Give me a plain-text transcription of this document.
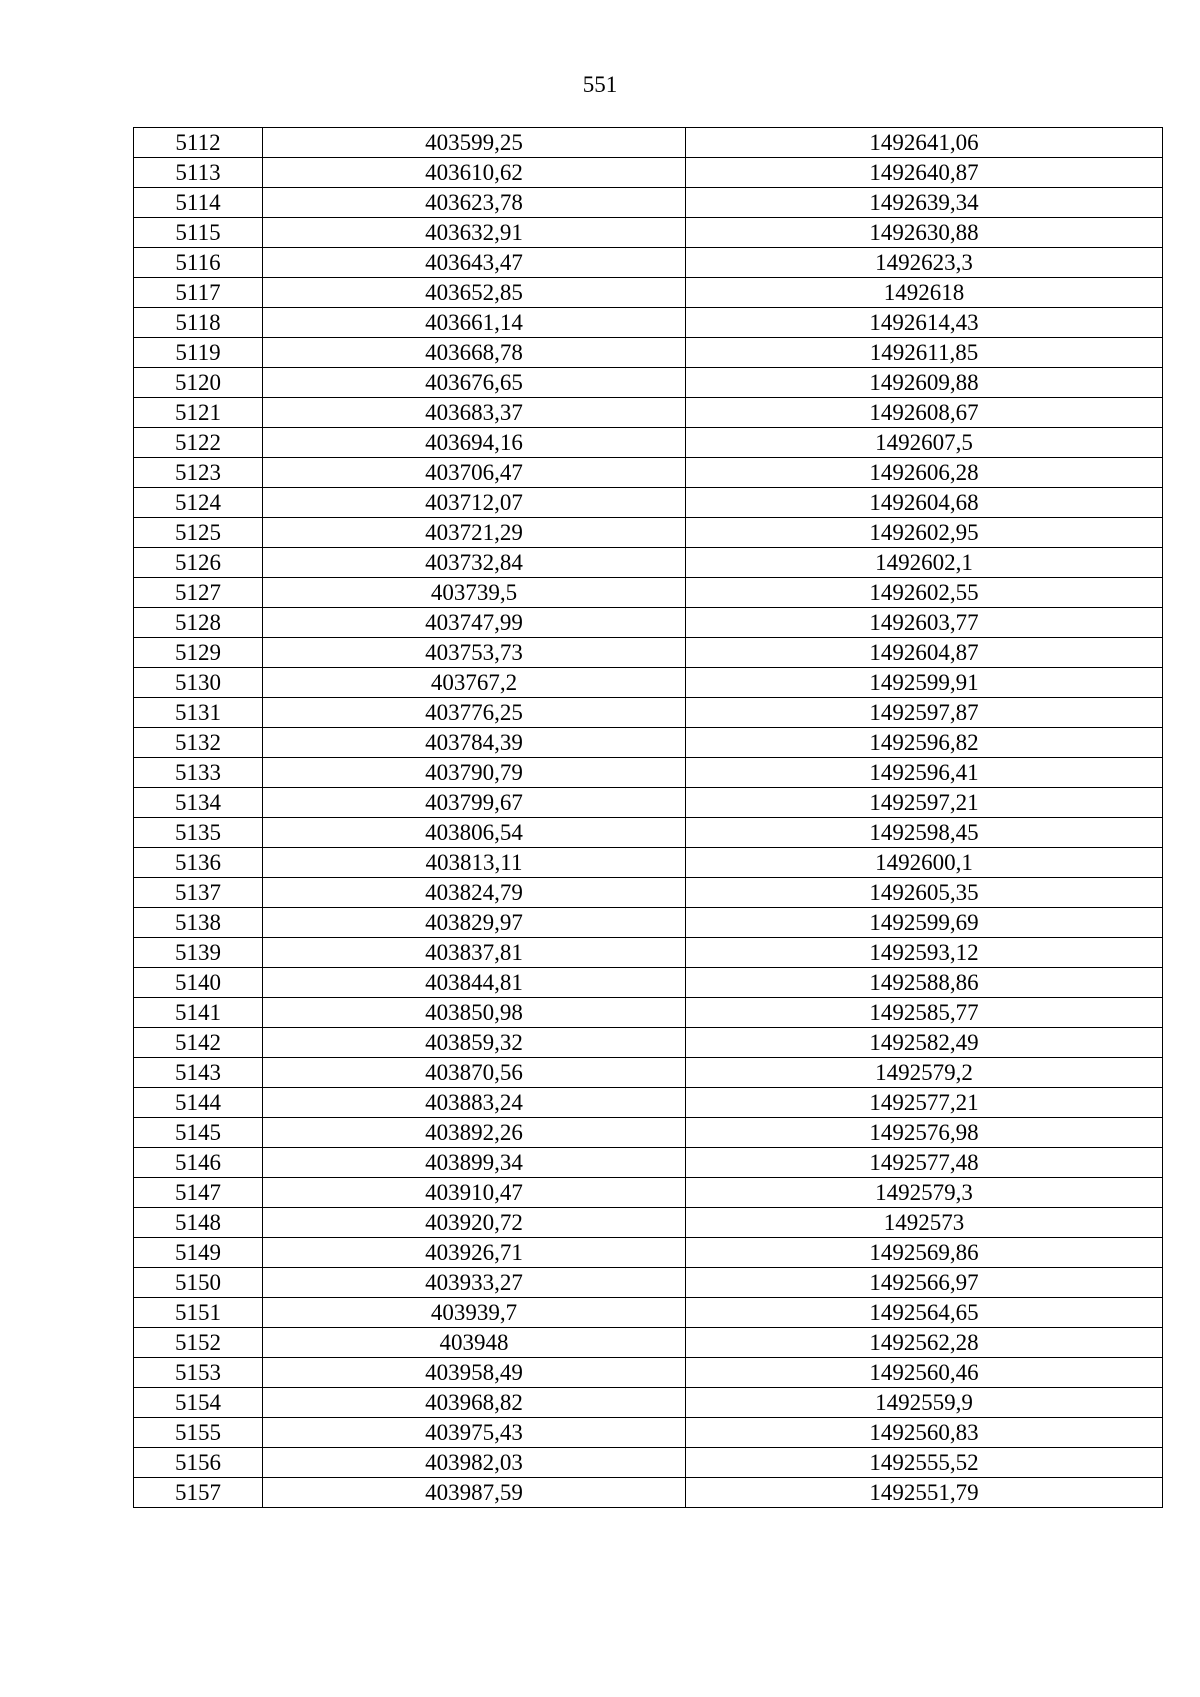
551
5112	403599,25	1492641,06
5113	403610,62	1492640,87
5114	403623,78	1492639,34
5115	403632,91	1492630,88
5116	403643,47	1492623,3
5117	403652,85	1492618
5118	403661,14	1492614,43
5119	403668,78	1492611,85
5120	403676,65	1492609,88
5121	403683,37	1492608,67
5122	403694,16	1492607,5
5123	403706,47	1492606,28
5124	403712,07	1492604,68
5125	403721,29	1492602,95
5126	403732,84	1492602,1
5127	403739,5	1492602,55
5128	403747,99	1492603,77
5129	403753,73	1492604,87
5130	403767,2	1492599,91
5131	403776,25	1492597,87
5132	403784,39	1492596,82
5133	403790,79	1492596,41
5134	403799,67	1492597,21
5135	403806,54	1492598,45
5136	403813,11	1492600,1
5137	403824,79	1492605,35
5138	403829,97	1492599,69
5139	403837,81	1492593,12
5140	403844,81	1492588,86
5141	403850,98	1492585,77
5142	403859,32	1492582,49
5143	403870,56	1492579,2
5144	403883,24	1492577,21
5145	403892,26	1492576,98
5146	403899,34	1492577,48
5147	403910,47	1492579,3
5148	403920,72	1492573
5149	403926,71	1492569,86
5150	403933,27	1492566,97
5151	403939,7	1492564,65
5152	403948	1492562,28
5153	403958,49	1492560,46
5154	403968,82	1492559,9
5155	403975,43	1492560,83
5156	403982,03	1492555,52
5157	403987,59	1492551,79
